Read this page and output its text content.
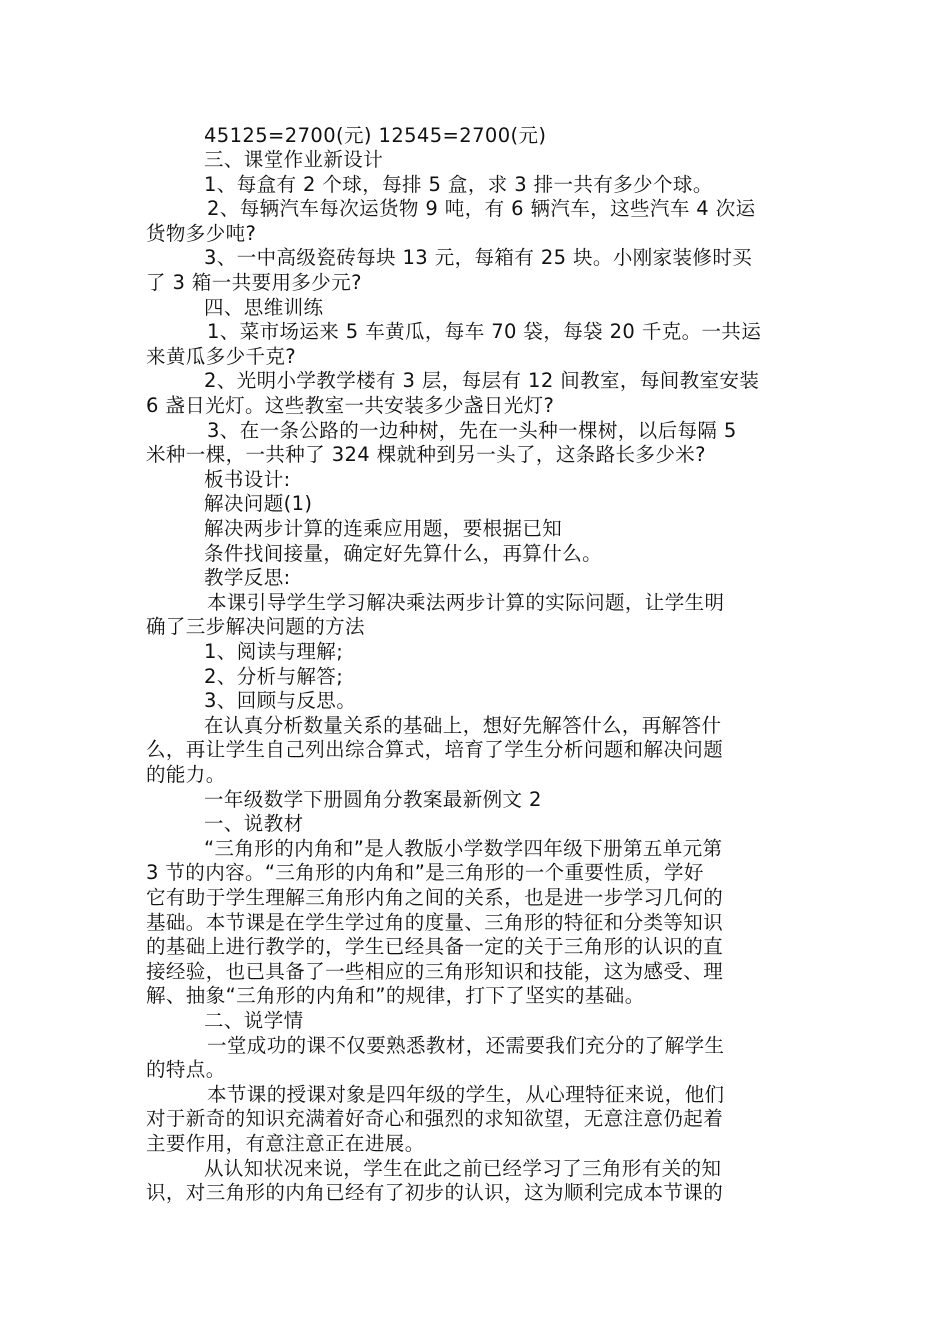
45125=2700(元) 12545=2700(元)
三、课堂作业新设计
1、每盒有 2 个球，每排 5 盒，求 3 排一共有多少个球。
2、每辆汽车每次运货物 9 吨，有 6 辆汽车，这些汽车 4 次运
货物多少吨?
3、一中高级瓷砖每块 13 元，每箱有 25 块。小刚家装修时买
了 3 箱一共要用多少元?
四、思维训练
1、菜市场运来 5 车黄瓜，每车 70 袋，每袋 20 千克。一共运
来黄瓜多少千克?
2、光明小学教学楼有 3 层，每层有 12 间教室，每间教室安装
6 盏日光灯。这些教室一共安装多少盏日光灯?
3、在一条公路的一边种树，先在一头种一棵树，以后每隔 5
米种一棵，一共种了 324 棵就种到另一头了，这条路长多少米?
板书设计:
解决问题(1)
解决两步计算的连乘应用题，要根据已知
条件找间接量，确定好先算什么，再算什么。
教学反思:
本课引导学生学习解决乘法两步计算的实际问题，让学生明
确了三步解决问题的方法
1、阅读与理解;
2、分析与解答;
3、回顾与反思。
在认真分析数量关系的基础上，想好先解答什么，再解答什
么，再让学生自己列出综合算式，培育了学生分析问题和解决问题
的能力。
一年级数学下册圆角分教案最新例文 2
一、说教材
“三角形的内角和”是人教版小学数学四年级下册第五单元第
3 节的内容。“三角形的内角和”是三角形的一个重要性质，学好
它有助于学生理解三角形内角之间的关系，也是进一步学习几何的
基础。本节课是在学生学过角的度量、三角形的特征和分类等知识
的基础上进行教学的，学生已经具备一定的关于三角形的认识的直
接经验，也已具备了一些相应的三角形知识和技能，这为感受、理
解、抽象“三角形的内角和”的规律，打下了坚实的基础。
二、说学情
一堂成功的课不仅要熟悉教材，还需要我们充分的了解学生
的特点。
本节课的授课对象是四年级的学生，从心理特征来说，他们
对于新奇的知识充满着好奇心和强烈的求知欲望，无意注意仍起着
主要作用，有意注意正在进展。
从认知状况来说，学生在此之前已经学习了三角形有关的知
识，对三角形的内角已经有了初步的认识，这为顺利完成本节课的
